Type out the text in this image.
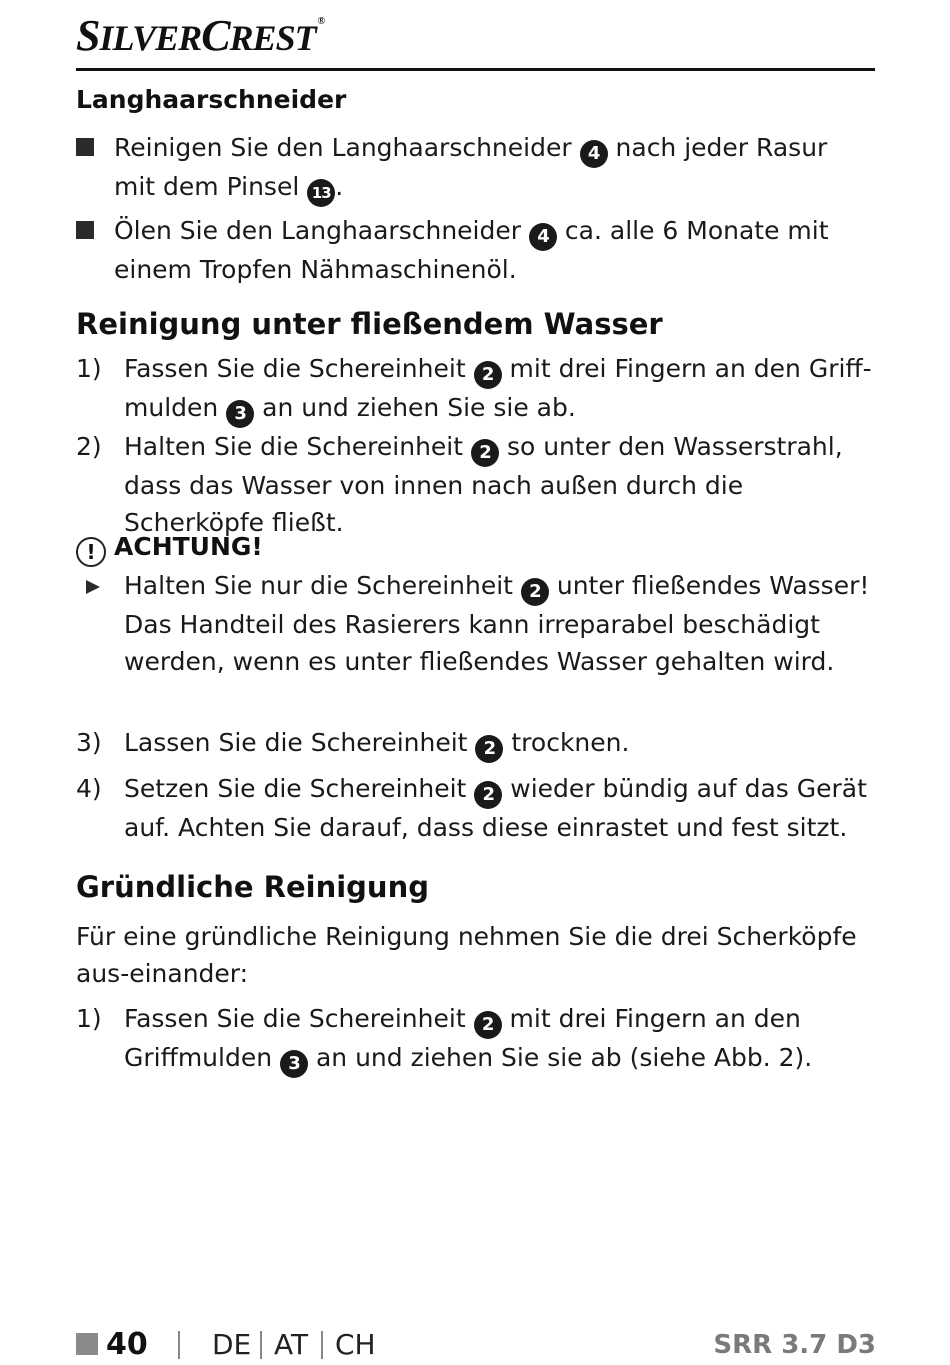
SILVERCREST ®
Langhaarschneider
Reinigen Sie den Langhaarschneider 4 nach jeder Rasur mit dem Pinsel 13 .
Ölen Sie den Langhaarschneider 4 ca. alle 6 Monate mit einem Tropfen Nähmaschinenöl.
Reinigung unter fließendem Wasser
1) Fassen Sie die Schereinheit 2 mit drei Fingern an den Griff-mulden 3 an und ziehen Sie sie ab.
2) Halten Sie die Schereinheit 2 so unter den Wasserstrahl, dass das Wasser von innen nach außen durch die Scherköpfe fließt.
! ACHTUNG!
Halten Sie nur die Schereinheit 2 unter fließendes Wasser! Das Handteil des Rasierers kann irreparabel beschädigt werden, wenn es unter fließendes Wasser gehalten wird.
3) Lassen Sie die Schereinheit 2 trocknen.
4) Setzen Sie die Schereinheit 2 wieder bündig auf das Gerät auf. Achten Sie darauf, dass diese einrastet und fest sitzt.
Gründliche Reinigung
Für eine gründliche Reinigung nehmen Sie die drei Scherköpfe aus-einander:
1) Fassen Sie die Schereinheit 2 mit drei Fingern an den Griffmulden 3 an und ziehen Sie sie ab (siehe Abb. 2).
40 DE AT CH	SRR 3.7 D3
